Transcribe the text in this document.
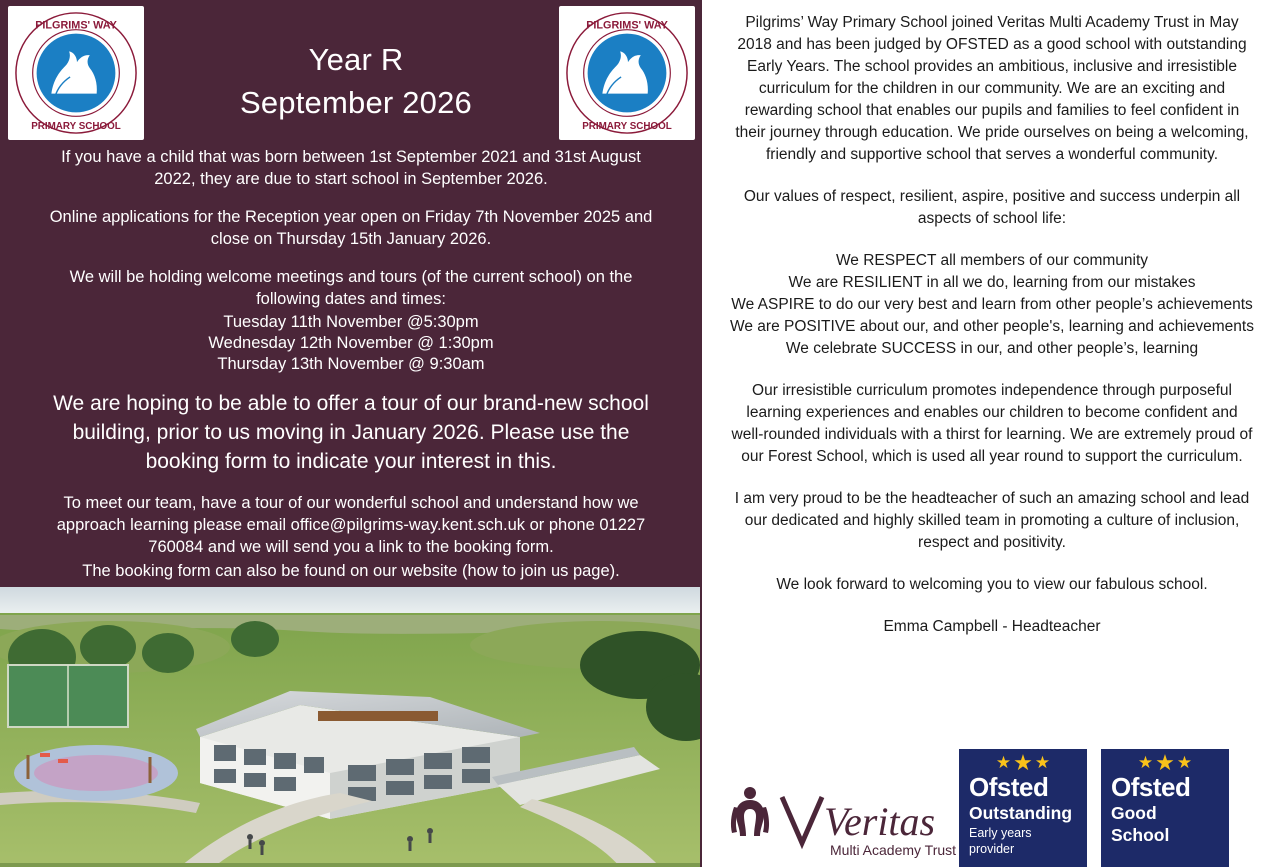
PILGRIMS' WAY
PRIMARY SCHOOL
PILGRIMS' WAY
PRIMARY SCHOOL
Year R
September 2026

If you have a child that was born between 1st September 2021 and 31st August 2022, they are due to start school in September 2026.

Online applications for the Reception year open on Friday 7th November 2025 and close on Thursday 15th January 2026.

We will be holding welcome meetings and tours (of the current school) on the following dates and times:

Tuesday 11th November @5:30pm
Wednesday 12th November @ 1:30pm
Thursday 13th November @ 9:30am

We are hoping to be able to offer a tour of our brand-new school building, prior to us moving in January 2026. Please use the booking form to indicate your interest in this.

To meet our team, have a tour of our wonderful school and understand how we approach learning please email office@pilgrims-way.kent.sch.uk or phone 01227 760084 and we will send you a link to the booking form.

The booking form can also be found on our website (how to join us page).

Pilgrims’ Way Primary School joined Veritas Multi Academy Trust in May 2018 and has been judged by OFSTED as a good school with outstanding Early Years. The school provides an ambitious, inclusive and irresistible curriculum for the children in our community. We are an exciting and rewarding school that enables our pupils and families to feel confident in their journey through education. We pride ourselves on being a welcoming, friendly and supportive school that serves a wonderful community.

Our values of respect, resilient, aspire, positive and success underpin all aspects of school life:

We RESPECT all members of our community
We are RESILIENT in all we do, learning from our mistakes
We ASPIRE to do our very best and learn from other people’s achievements
We are POSITIVE about our, and other people's, learning and achievements
We celebrate SUCCESS in our, and other people’s, learning

Our irresistible curriculum promotes independence through purposeful learning experiences and enables our children to become confident and well-rounded individuals with a thirst for learning. We are extremely proud of our Forest School, which is used all year round to support the curriculum.

I am very proud to be the headteacher of such an amazing school and lead our dedicated and highly skilled team in promoting a culture of inclusion, respect and positivity.

We look forward to welcoming you to view our fabulous school.

Emma Campbell - Headteacher

Veritas
Multi Academy Trust
★★★
Ofsted
Outstanding
Early years provider
★★★
Ofsted
Good
School
